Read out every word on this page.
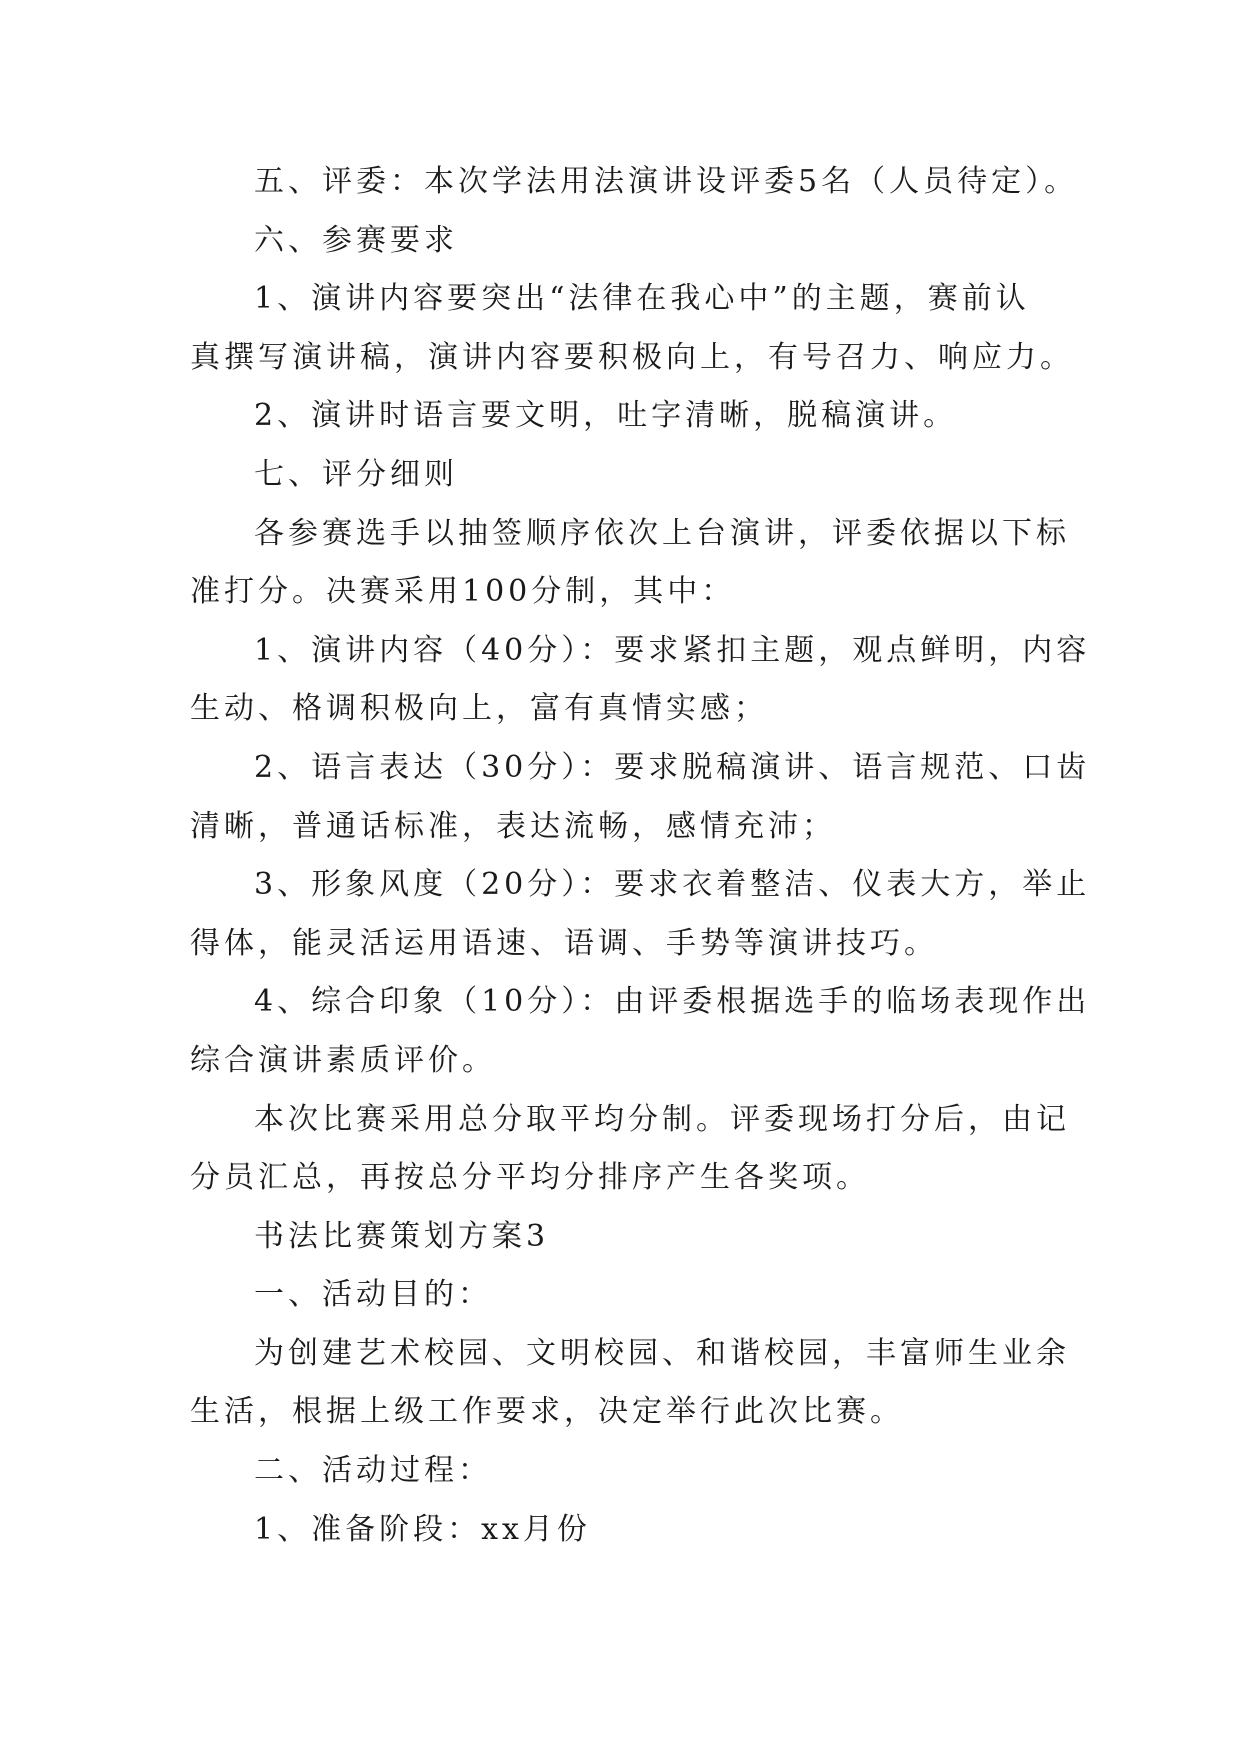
五、评委：本次学法用法演讲设评委5名（人员待定）。
六、参赛要求
1、演讲内容要突出“法律在我心中”的主题，赛前认
真撰写演讲稿，演讲内容要积极向上，有号召力、响应力。
2、演讲时语言要文明，吐字清晰，脱稿演讲。
七、评分细则
各参赛选手以抽签顺序依次上台演讲，评委依据以下标
准打分。决赛采用100分制，其中：
1、演讲内容（40分）：要求紧扣主题，观点鲜明，内容
生动、格调积极向上，富有真情实感；
2、语言表达（30分）：要求脱稿演讲、语言规范、口齿
清晰，普通话标准，表达流畅，感情充沛；
3、形象风度（20分）：要求衣着整洁、仪表大方，举止
得体，能灵活运用语速、语调、手势等演讲技巧。
4、综合印象（10分）：由评委根据选手的临场表现作出
综合演讲素质评价。
本次比赛采用总分取平均分制。评委现场打分后，由记
分员汇总，再按总分平均分排序产生各奖项。
书法比赛策划方案3
一、活动目的：
为创建艺术校园、文明校园、和谐校园，丰富师生业余
生活，根据上级工作要求，决定举行此次比赛。
二、活动过程：
1、准备阶段：xx月份
